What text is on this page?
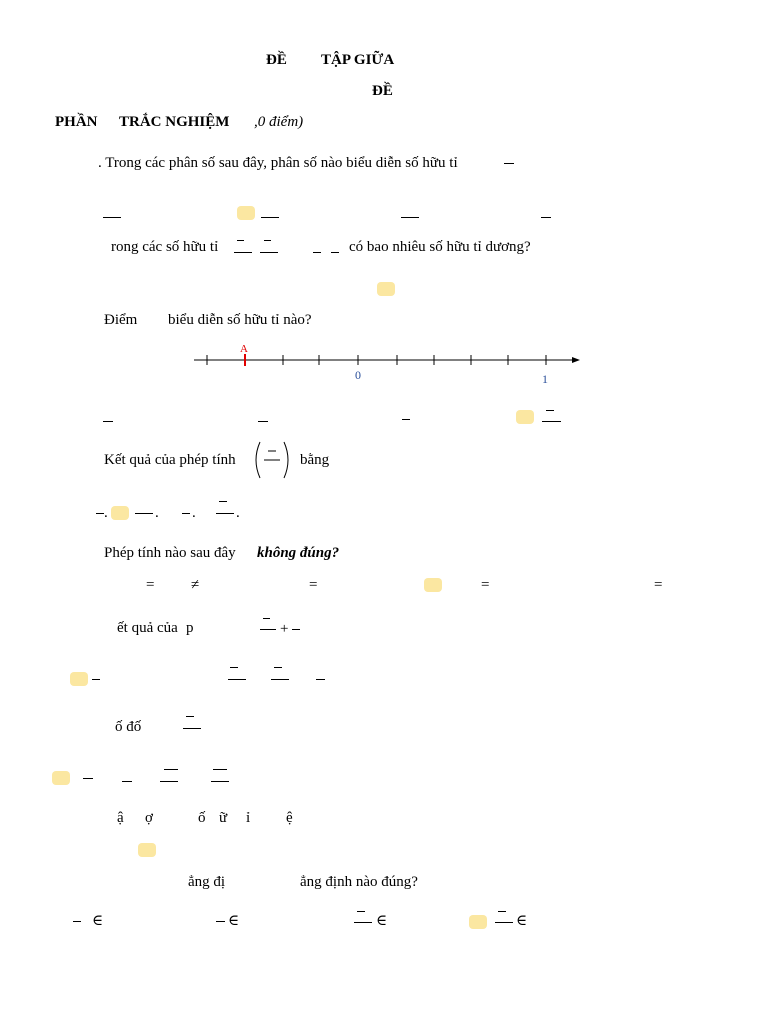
ĐỀ TẬP GIỮA
ĐỀ
PHẦN TRẮC NGHIỆM ,0 điểm)
. Trong các phân số sau đây, phân số nào biểu diễn số hữu tỉ
rong các số hữu tỉ	có bao nhiêu số hữu tỉ dương?
Điểm biểu diễn số hữu tỉ nào?
A
0	1
Kết quả của phép tính	bằng
.	. .	.
Phép tính nào sau đây không đúng?
= ≠	=	=	=
ết quả của p	+
ố đố
ậ ợ	ố ữ ỉ ệ
ẳng đị	ẳng định nào đúng?
∈	∈	∈	∈
